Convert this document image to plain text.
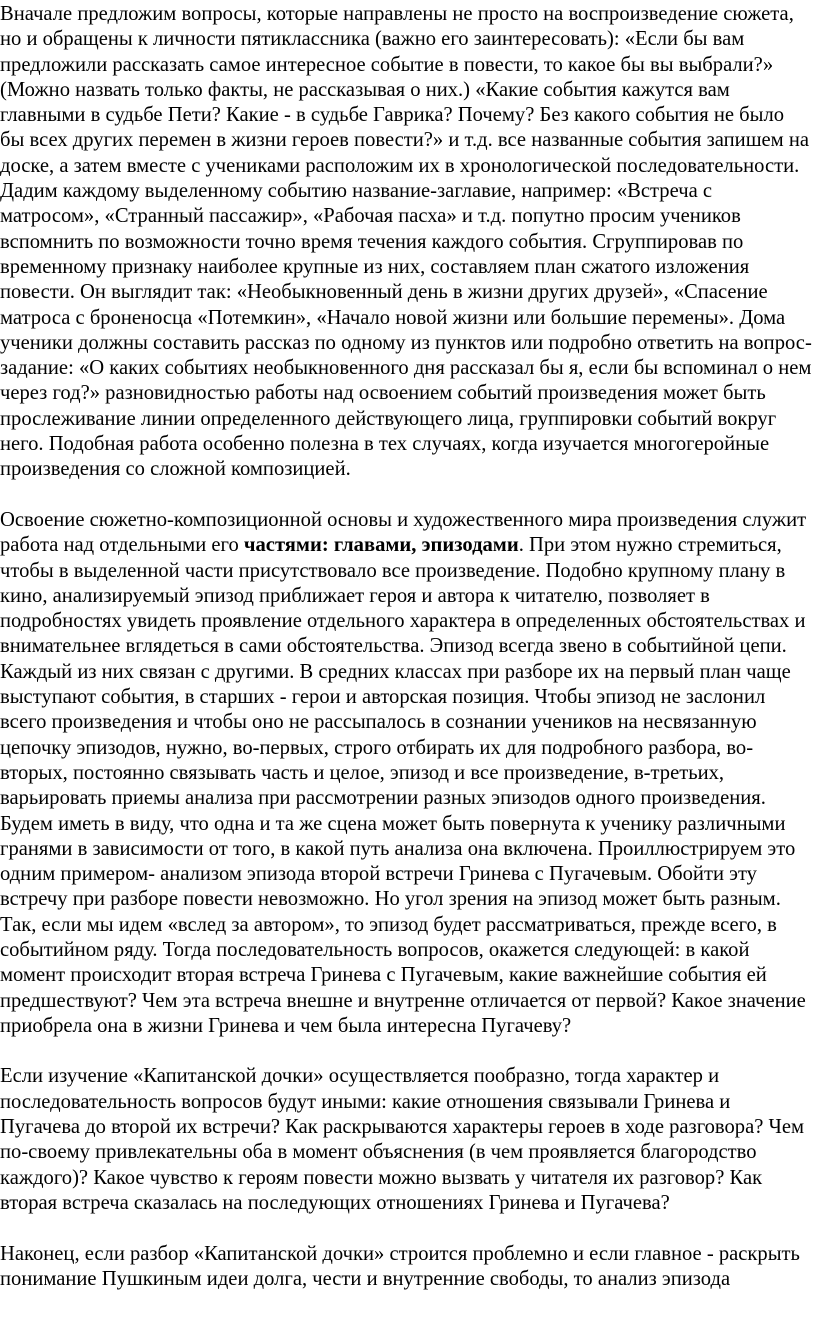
Вначале предложим вопросы, которые направлены не просто на воспроизведение сюжета, но и обращены к личности пятиклассника (важно его заинтересовать): «Если бы вам предложили рассказать самое интересное событие в повести, то какое бы вы выбрали?» (Можно назвать только факты, не рассказывая о них.) «Какие события кажутся вам главными в судьбе Пети? Какие - в судьбе Гаврика? Почему? Без какого события не было бы всех других перемен в жизни героев повести?» и т.д. все названные события запишем на доске, а затем вместе с учениками расположим их в хронологической последовательности. Дадим каждому выделенному событию название-заглавие, например: «Встреча с матросом», «Странный пассажир», «Рабочая пасха» и т.д. попутно просим учеников вспомнить по возможности точно время течения каждого события. Сгруппировав по временному признаку наиболее крупные из них, составляем план сжатого изложения повести. Он выглядит так: «Необыкновенный день в жизни других друзей», «Спасение матроса с броненосца «Потемкин», «Начало новой жизни или большие перемены». Дома ученики должны составить рассказ по одному из пунктов или подробно ответить на вопрос-задание: «О каких событиях необыкновенного дня рассказал бы я, если бы вспоминал о нем через год?» разновидностью работы над освоением событий произведения может быть прослеживание линии определенного действующего лица, группировки событий вокруг него. Подобная работа особенно полезна в тех случаях, когда изучается многогеройные произведения со сложной композицией.

Освоение сюжетно-композиционной основы и художественного мира произведения служит работа над отдельными его частями: главами, эпизодами. При этом нужно стремиться, чтобы в выделенной части присутствовало все произведение. Подобно крупному плану в кино, анализируемый эпизод приближает героя и автора к читателю, позволяет в подробностях увидеть проявление отдельного характера в определенных обстоятельствах и внимательнее вглядеться в сами обстоятельства. Эпизод всегда звено в событийной цепи. Каждый из них связан с другими. В средних классах при разборе их на первый план чаще выступают события, в старших - герои и авторская позиция. Чтобы эпизод не заслонил всего произведения и чтобы оно не рассыпалось в сознании учеников на несвязанную цепочку эпизодов, нужно, во-первых, строго отбирать их для подробного разбора, во-вторых, постоянно связывать часть и целое, эпизод и все произведение, в-третьих, варьировать приемы анализа при рассмотрении разных эпизодов одного произведения. Будем иметь в виду, что одна и та же сцена может быть повернута к ученику различными гранями в зависимости от того, в какой путь анализа она включена. Проиллюстрируем это одним примером- анализом эпизода второй встречи Гринева с Пугачевым. Обойти эту встречу при разборе повести невозможно. Но угол зрения на эпизод может быть разным. Так, если мы идем «вслед за автором», то эпизод будет рассматриваться, прежде всего, в событийном ряду. Тогда последовательность вопросов, окажется следующей: в какой момент происходит вторая встреча Гринева с Пугачевым, какие важнейшие события ей предшествуют? Чем эта встреча внешне и внутренне отличается от первой? Какое значение приобрела она в жизни Гринева и чем была интересна Пугачеву?

Если изучение «Капитанской дочки» осуществляется пообразно, тогда характер и последовательность вопросов будут иными: какие отношения связывали Гринева и Пугачева до второй их встречи? Как раскрываются характеры героев в ходе разговора? Чем по-своему привлекательны оба в момент объяснения (в чем проявляется благородство каждого)? Какое чувство к героям повести можно вызвать у читателя их разговор? Как вторая встреча сказалась на последующих отношениях Гринева и Пугачева?

Наконец, если разбор «Капитанской дочки» строится проблемно и если главное - раскрыть понимание Пушкиным идеи долга, чести и внутренние свободы, то анализ эпизода
